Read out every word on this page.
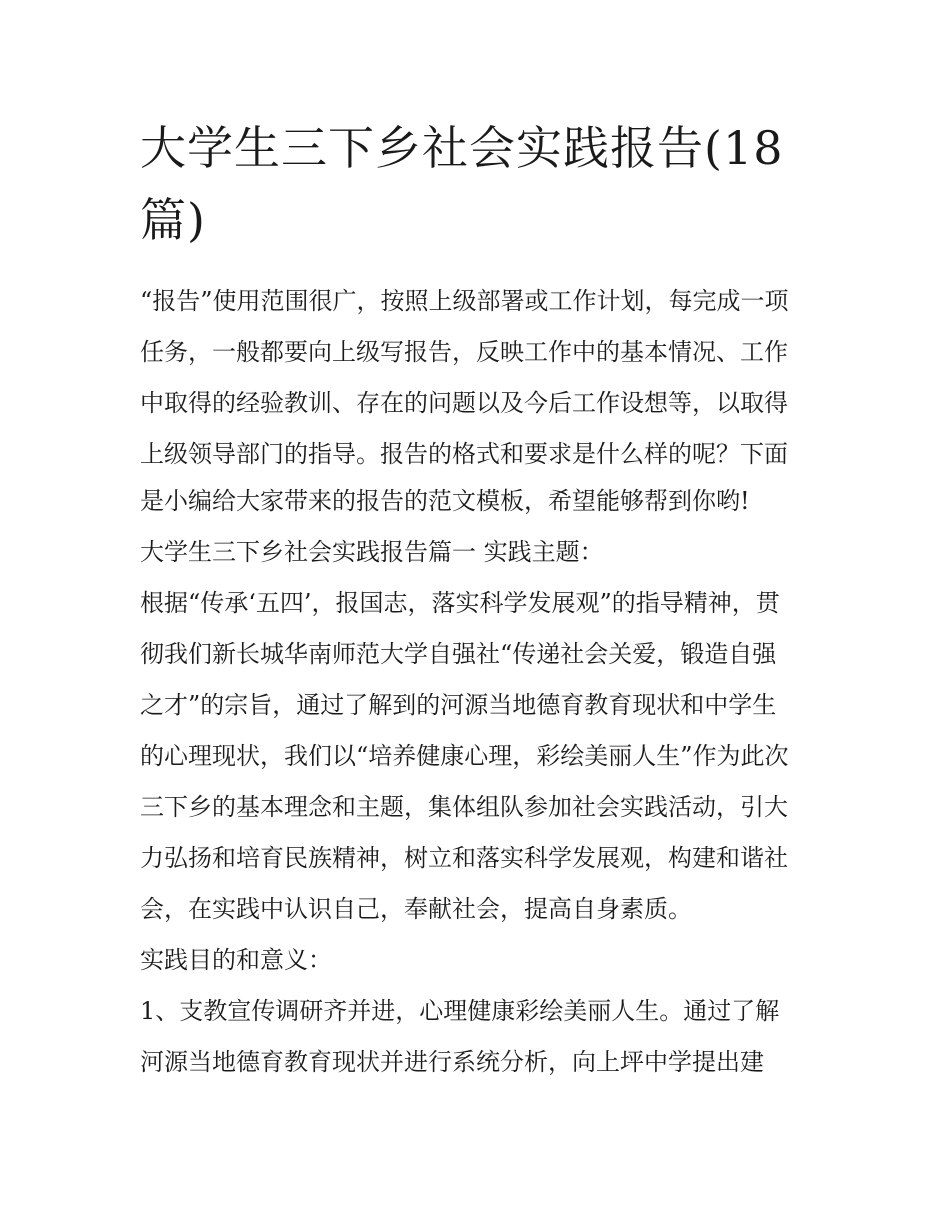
大学生三下乡社会实践报告(18
篇)

“报告”使用范围很广，按照上级部署或工作计划，每完成一项

任务，一般都要向上级写报告，反映工作中的基本情况、工作

中取得的经验教训、存在的问题以及今后工作设想等，以取得

上级领导部门的指导。报告的格式和要求是什么样的呢？下面

是小编给大家带来的报告的范文模板，希望能够帮到你哟!

大学生三下乡社会实践报告篇一 实践主题：

根据“传承‘五四’，报国志，落实科学发展观”的指导精神，贯

彻我们新长城华南师范大学自强社“传递社会关爱，锻造自强

之才”的宗旨，通过了解到的河源当地德育教育现状和中学生

的心理现状，我们以“培养健康心理，彩绘美丽人生”作为此次

三下乡的基本理念和主题，集体组队参加社会实践活动，引大

力弘扬和培育民族精神，树立和落实科学发展观，构建和谐社

会，在实践中认识自己，奉献社会，提高自身素质。

实践目的和意义：

1、支教宣传调研齐并进，心理健康彩绘美丽人生。通过了解

河源当地德育教育现状并进行系统分析，向上坪中学提出建
